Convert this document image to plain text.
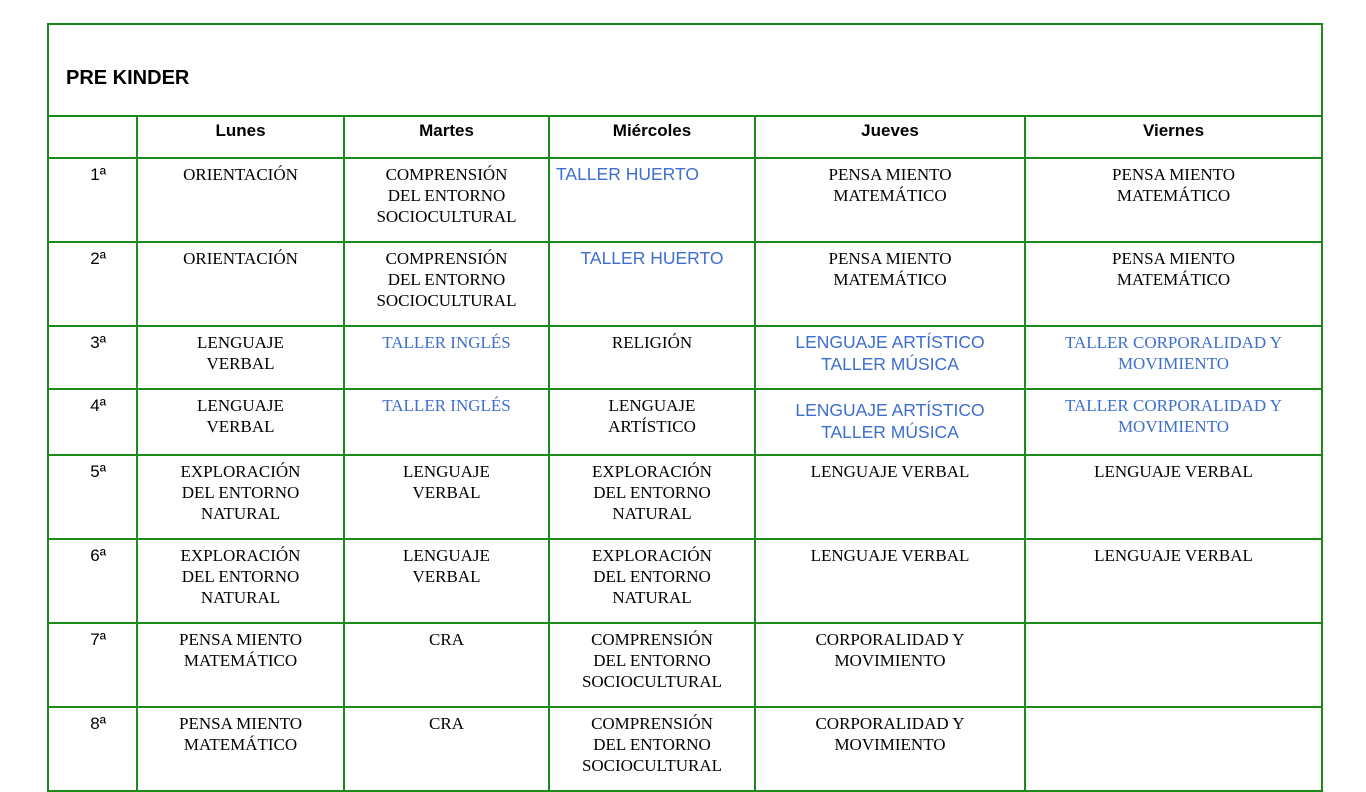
PRE KINDER					
	Lunes	Martes	Miércoles	Jueves	Viernes
1ª	ORIENTACIÓN	COMPRENSIÓN
DEL ENTORNO
SOCIOCULTURAL	TALLER HUERTO	PENSA MIENTO
MATEMÁTICO	PENSA MIENTO
MATEMÁTICO
2ª	ORIENTACIÓN	COMPRENSIÓN
DEL ENTORNO
SOCIOCULTURAL	TALLER HUERTO	PENSA MIENTO
MATEMÁTICO	PENSA MIENTO
MATEMÁTICO
3ª	LENGUAJE
VERBAL	TALLER INGLÉS	RELIGIÓN	LENGUAJE ARTÍSTICO
TALLER MÚSICA	TALLER CORPORALIDAD Y
MOVIMIENTO
4ª	LENGUAJE
VERBAL	TALLER INGLÉS	LENGUAJE
ARTÍSTICO	LENGUAJE ARTÍSTICO
TALLER MÚSICA	TALLER CORPORALIDAD Y
MOVIMIENTO
5ª	EXPLORACIÓN
DEL ENTORNO
NATURAL	LENGUAJE
VERBAL	EXPLORACIÓN
DEL ENTORNO
NATURAL	LENGUAJE VERBAL	LENGUAJE VERBAL
6ª	EXPLORACIÓN
DEL ENTORNO
NATURAL	LENGUAJE
VERBAL	EXPLORACIÓN
DEL ENTORNO
NATURAL	LENGUAJE VERBAL	LENGUAJE VERBAL
7ª	PENSA MIENTO
MATEMÁTICO	CRA	COMPRENSIÓN
DEL ENTORNO
SOCIOCULTURAL	CORPORALIDAD Y
MOVIMIENTO	
8ª	PENSA MIENTO
MATEMÁTICO	CRA	COMPRENSIÓN
DEL ENTORNO
SOCIOCULTURAL	CORPORALIDAD Y
MOVIMIENTO	
